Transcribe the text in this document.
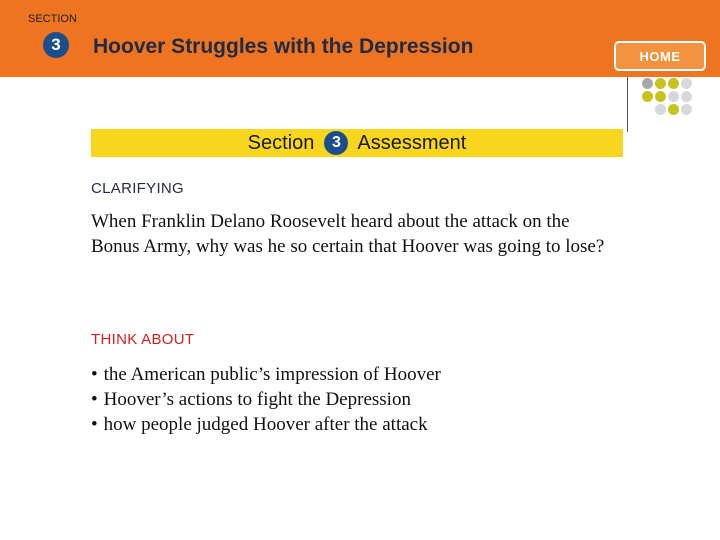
SECTION
3	Hoover Struggles with the Depression	HOME
Section	3 Assessment
CLARIFYING
When Franklin Delano Roosevelt heard about the attack on the Bonus Army, why was he so certain that Hoover was going to lose?
THINK ABOUT
• the American public’s impression of Hoover
• Hoover’s actions to fight the Depression
• how people judged Hoover after the attack
